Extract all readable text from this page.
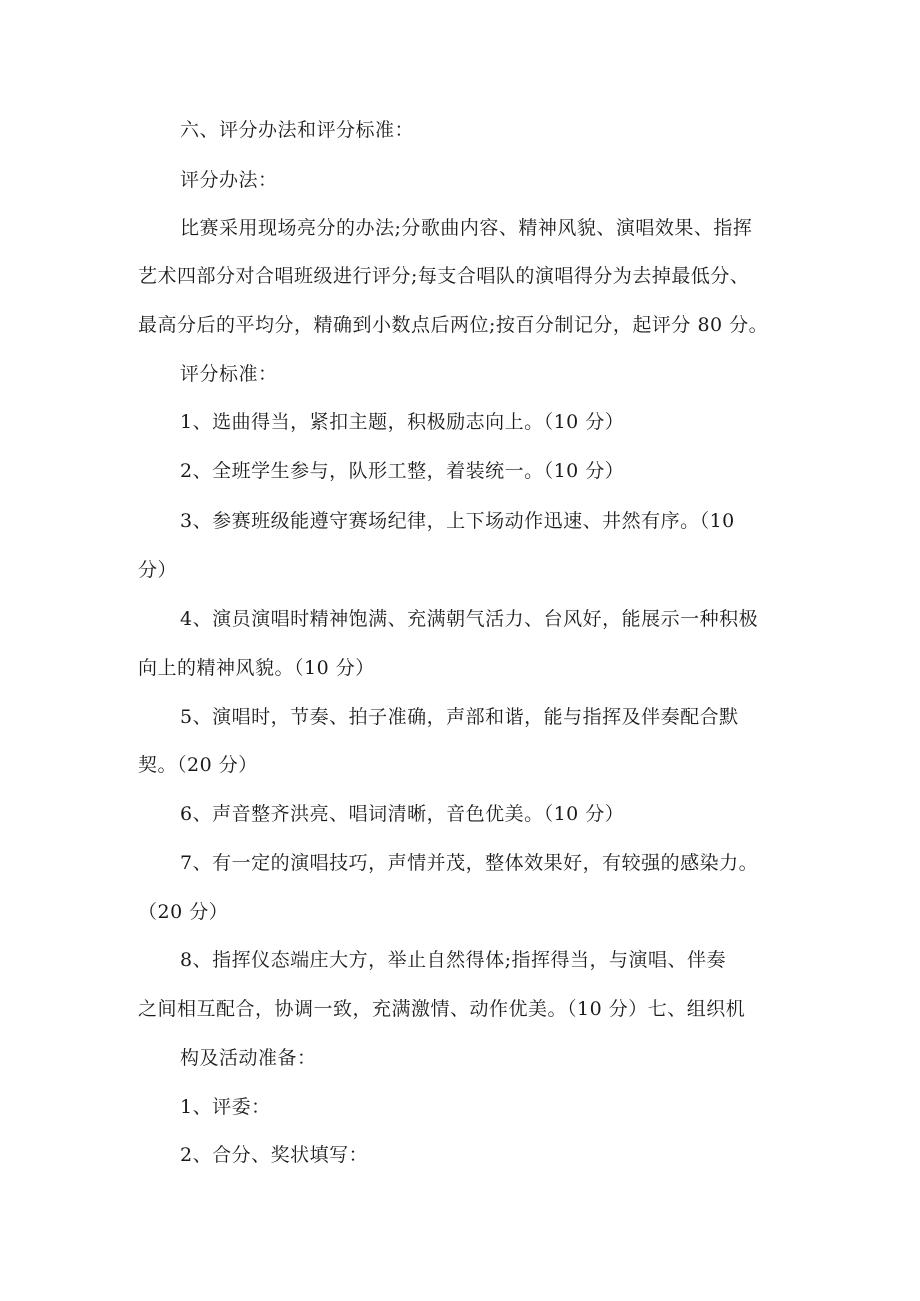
六、评分办法和评分标准：
评分办法：
比赛采用现场亮分的办法;分歌曲内容、精神风貌、演唱效果、指挥
艺术四部分对合唱班级进行评分;每支合唱队的演唱得分为去掉最低分、
最高分后的平均分，精确到小数点后两位;按百分制记分，起评分 80 分。
评分标准：
1、选曲得当，紧扣主题，积极励志向上。（10 分）
2、全班学生参与，队形工整，着装统一。（10 分）
3、参赛班级能遵守赛场纪律，上下场动作迅速、井然有序。（10
分）
4、演员演唱时精神饱满、充满朝气活力、台风好，能展示一种积极
向上的精神风貌。（10 分）
5、演唱时，节奏、拍子准确，声部和谐，能与指挥及伴奏配合默
契。（20 分）
6、声音整齐洪亮、唱词清晰，音色优美。（10 分）
7、有一定的演唱技巧，声情并茂，整体效果好，有较强的感染力。
（20 分）
8、指挥仪态端庄大方，举止自然得体;指挥得当，与演唱、伴奏
之间相互配合，协调一致，充满激情、动作优美。（10 分）七、组织机
构及活动准备：
1、评委：
2、合分、奖状填写：
